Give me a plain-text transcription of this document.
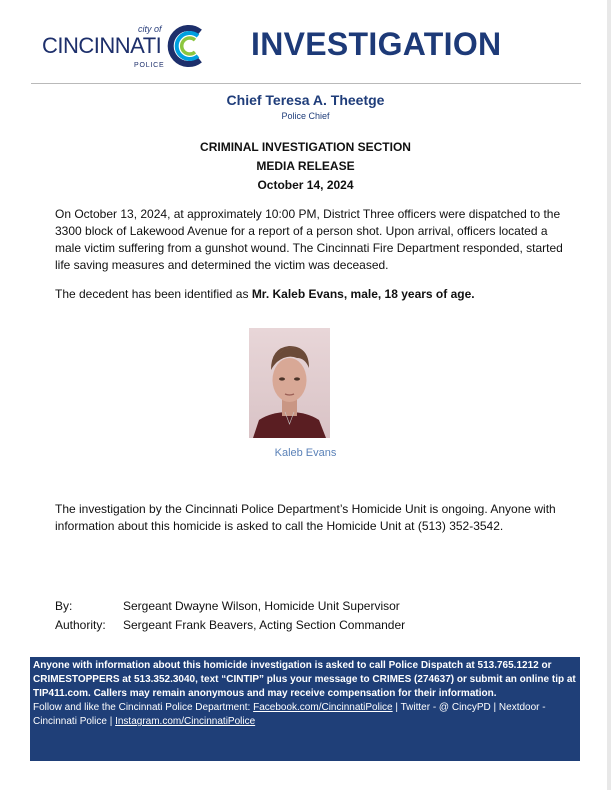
city of
CINCINNATI
POLICE
INVESTIGATION
Chief Teresa A. Theetge
Police Chief
CRIMINAL INVESTIGATION SECTION
MEDIA RELEASE
October 14, 2024
On October 13, 2024, at approximately 10:00 PM, District Three officers were dispatched to the 3300 block of Lakewood Avenue for a report of a person shot. Upon arrival, officers located a male victim suffering from a gunshot wound. The Cincinnati Fire Department responded, started life saving measures and determined the victim was deceased.
The decedent has been identified as Mr. Kaleb Evans, male, 18 years of age.
Kaleb Evans
The investigation by the Cincinnati Police Department’s Homicide Unit is ongoing. Anyone with information about this homicide is asked to call the Homicide Unit at (513) 352-3542.
By:	Sergeant Dwayne Wilson, Homicide Unit Supervisor
Authority: Sergeant Frank Beavers, Acting Section Commander
Anyone with information about this homicide investigation is asked to call Police Dispatch at 513.765.1212 or CRIMESTOPPERS at 513.352.3040, text “CINTIP” plus your message to CRIMES (274637) or submit an online tip at TIP411.com. Callers may remain anonymous and may receive compensation for their information.
Follow and like the Cincinnati Police Department: Facebook.com/CincinnatiPolice | Twitter - @ CincyPD | Nextdoor - Cincinnati Police | Instagram.com/CincinnatiPolice
